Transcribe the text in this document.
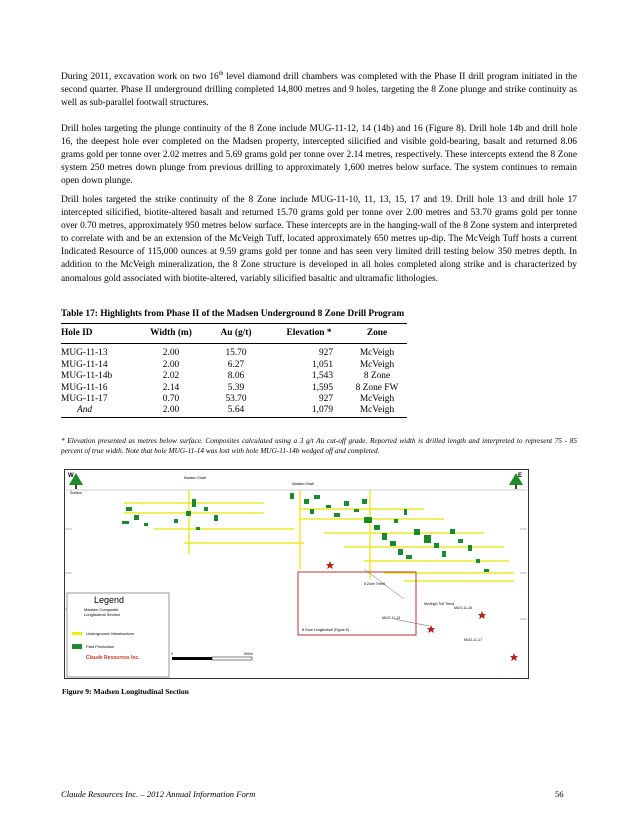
During 2011, excavation work on two 16th level diamond drill chambers was completed with the Phase II drill program initiated in the second quarter. Phase II underground drilling completed 14,800 metres and 9 holes, targeting the 8 Zone plunge and strike continuity as well as sub-parallel footwall structures.

Drill holes targeting the plunge continuity of the 8 Zone include MUG-11-12, 14 (14b) and 16 (Figure 8). Drill hole 14b and drill hole 16, the deepest hole ever completed on the Madsen property, intercepted silicified and visible gold-bearing, basalt and returned 8.06 grams gold per tonne over 2.02 metres and 5.69 grams gold per tonne over 2.14 metres, respectively. These intercepts extend the 8 Zone system 250 metres down plunge from previous drilling to approximately 1,600 metres below surface. The system continues to remain open down plunge.

Drill holes targeted the strike continuity of the 8 Zone include MUG-11-10, 11, 13, 15, 17 and 19. Drill hole 13 and drill hole 17 intercepted silicified, biotite-altered basalt and returned 15.70 grams gold per tonne over 2.00 metres and 53.70 grams gold per tonne over 0.70 metres, approximately 950 metres below surface. These intercepts are in the hanging-wall of the 8 Zone system and interpreted to correlate with and be an extension of the McVeigh Tuff, located approximately 650 metres up-dip. The McVeigh Tuff hosts a current Indicated Resource of 115,000 ounces at 9.59 grams gold per tonne and has seen very limited drill testing below 350 metres depth. In addition to the McVeigh mineralization, the 8 Zone structure is developed in all holes completed along strike and is characterized by anomalous gold associated with biotite-altered, variably silicified basaltic and ultramafic lithologies.

Table 17: Highlights from Phase II of the Madsen Underground 8 Zone Drill Program

Hole ID	Width (m)	Au (g/t)	Elevation *	Zone
MUG-11-13	2.00	15.70	927	McVeigh
MUG-11-14	2.00	6.27	1,051	McVeigh
MUG-11-14b	2.02	8.06	1,543	8 Zone
MUG-11-16	2.14	5.39	1,595	8 Zone FW
MUG-11-17	0.70	53.70	927	McVeigh
And	2.00	5.64	1,079	McVeigh

* Elevation presented as metres below surface. Composites calculated using a 3 g/t Au cut-off grade. Reported width is drilled length and interpreted to represent 75 - 85 percent of true width. Note that hole MUG-11-14 was lost with hole MUG-11-14b wedged off and completed.

W	E
Surface
Madsen Shaft
Madsen Shaft
8 Zone Longitudinal (Figure 8)
8 Zone Trend
McVeigh Tuff Trend
MUG-11-13
MUG-11-16
MUG-11-17
Legend
Madsen Composite
Longitudinal Section
Underground Infrastructure
Past Production
Claude Resources Inc.
0	500m

Figure 9: Madsen Longitudinal Section

Claude Resources Inc. – 2012 Annual Information Form	56
